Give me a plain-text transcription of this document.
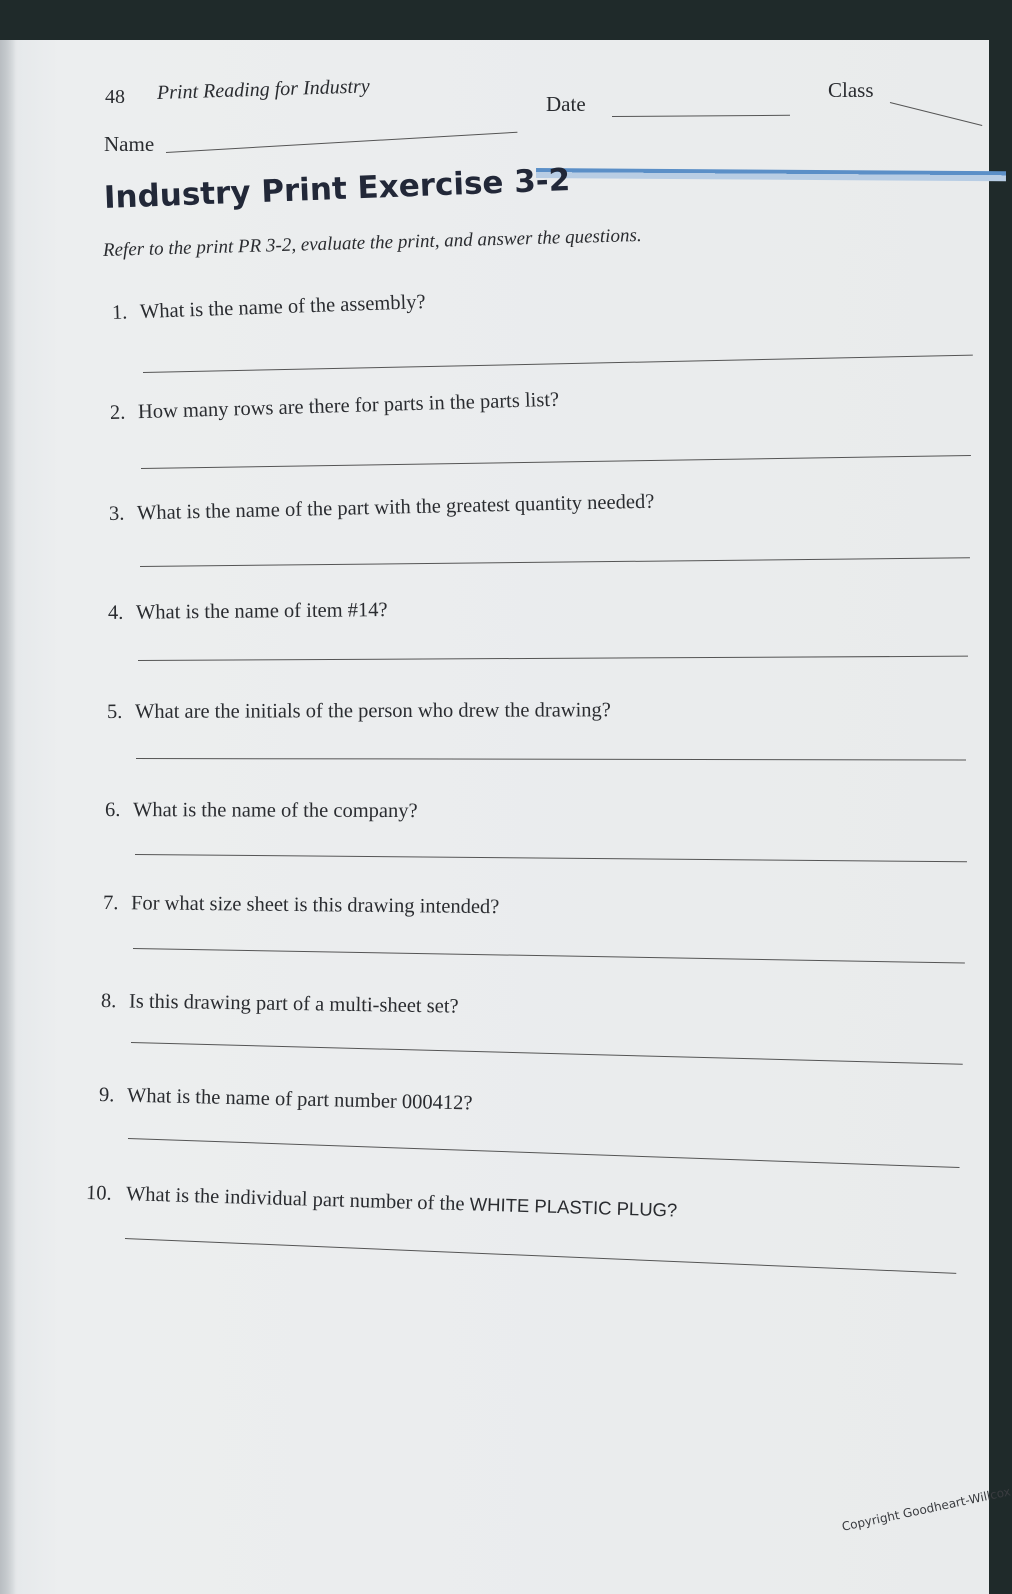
48 Print Reading for Industry
Date
Class
Name
Industry Print Exercise 3-2
Refer to the print PR 3-2, evaluate the print, and answer the questions.
1. What is the name of the assembly?
2. How many rows are there for parts in the parts list?
3. What is the name of the part with the greatest quantity needed?
4. What is the name of item #14?
5. What are the initials of the person who drew the drawing?
6. What is the name of the company?
7. For what size sheet is this drawing intended?
8. Is this drawing part of a multi-sheet set?
9. What is the name of part number 000412?
10. What is the individual part number of the WHITE PLASTIC PLUG?
Copyright Goodheart-Willcox
